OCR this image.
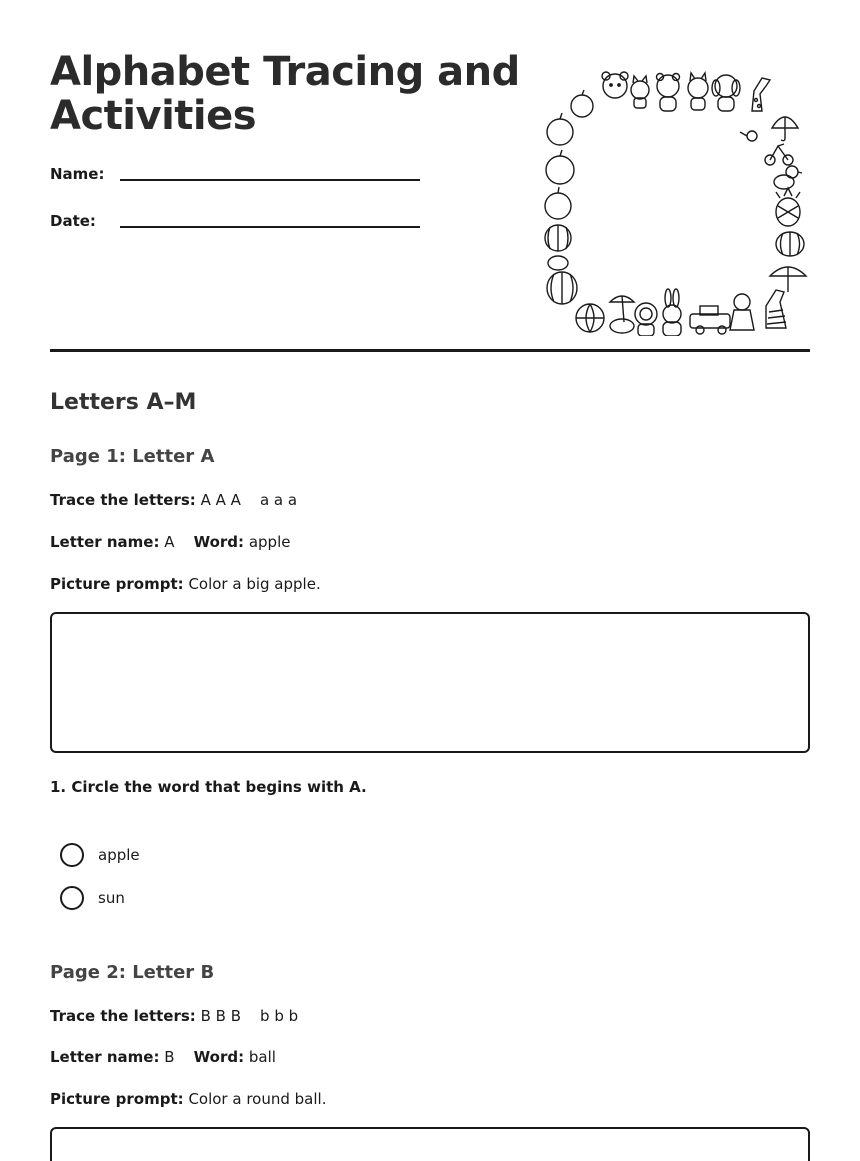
Alphabet Tracing and Activities
Name:
Date:
Letters A–M
Page 1: Letter A
Trace the letters: A A A    a a a
Letter name: A Word: apple
Picture prompt: Color a big apple.
1. Circle the word that begins with A.
apple
sun
Page 2: Letter B
Trace the letters: B B B    b b b
Letter name: B Word: ball
Picture prompt: Color a round ball.
